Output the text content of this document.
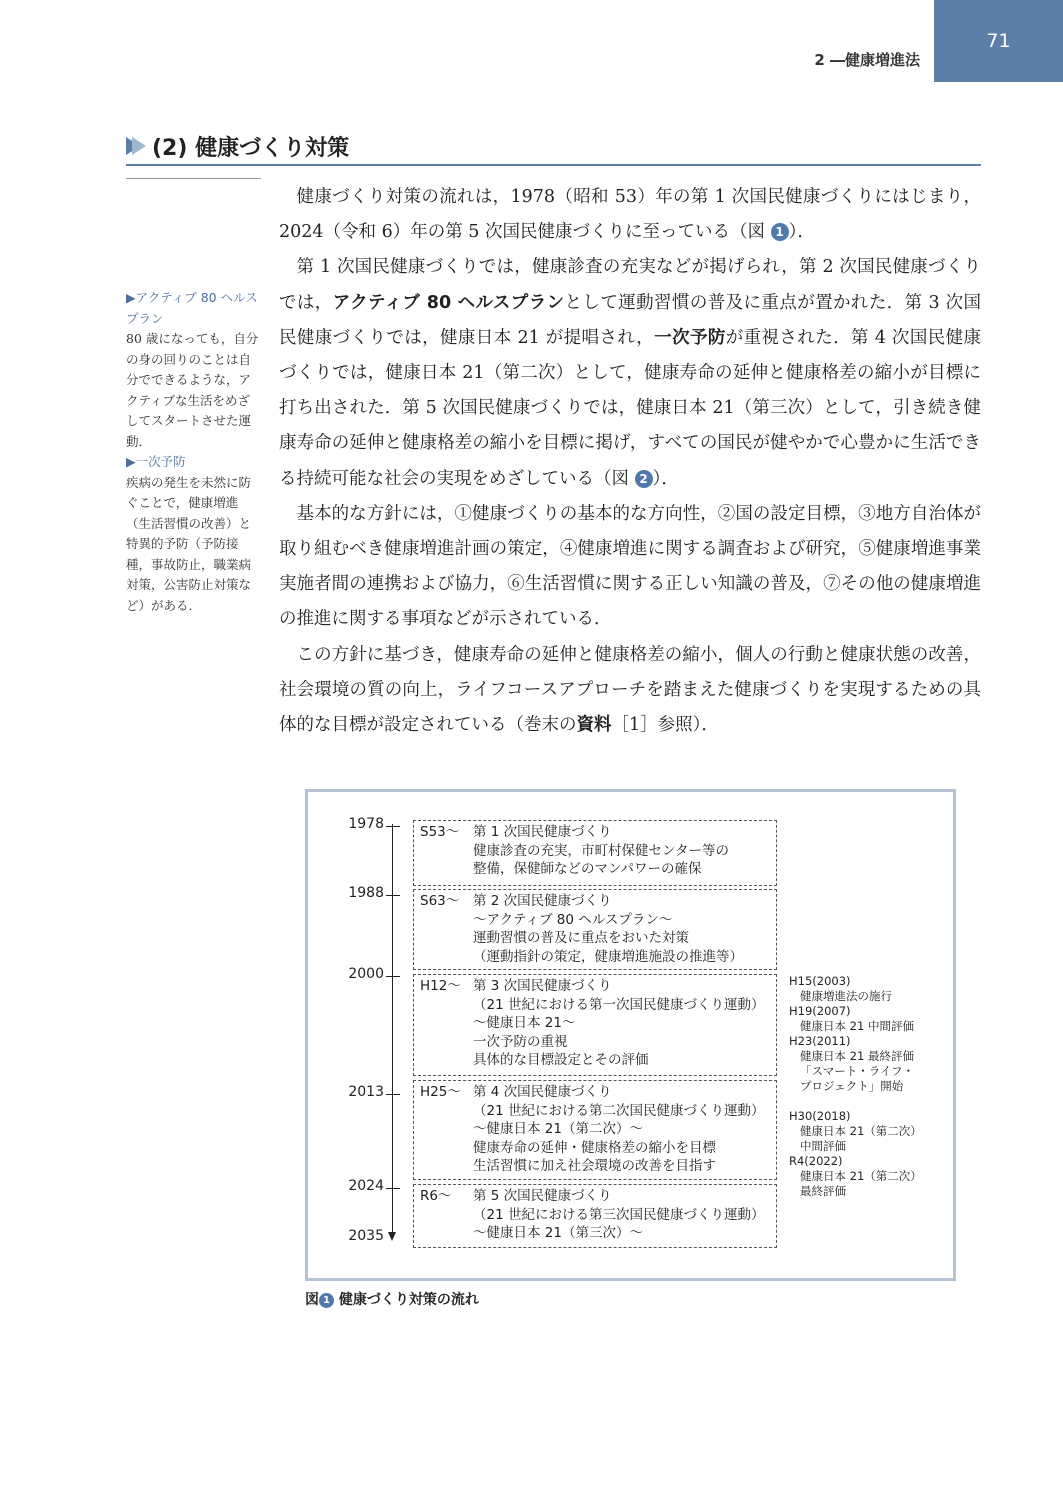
2 ―健康増進法
71
(2) 健康づくり対策
▶アクティブ 80 ヘルスプラン
80 歳になっても，自分の身の回りのことは自分でできるような，アクティブな生活をめざしてスタートさせた運動．
▶一次予防
疾病の発生を未然に防ぐことで，健康増進（生活習慣の改善）と特異的予防（予防接種，事故防止，職業病対策，公害防止対策など）がある．

健康づくり対策の流れは，1978（昭和 53）年の第 1 次国民健康づくりにはじまり，2024（令和 6）年の第 5 次国民健康づくりに至っている（図 1 ）．

第 1 次国民健康づくりでは，健康診査の充実などが掲げられ，第 2 次国民健康づくりでは，アクティブ 80 ヘルスプランとして運動習慣の普及に重点が置かれた．第 3 次国民健康づくりでは，健康日本 21 が提唱され，一次予防が重視された．第 4 次国民健康づくりでは，健康日本 21（第二次）として，健康寿命の延伸と健康格差の縮小が目標に打ち出された．第 5 次国民健康づくりでは，健康日本 21（第三次）として，引き続き健康寿命の延伸と健康格差の縮小を目標に掲げ，すべての国民が健やかで心豊かに生活できる持続可能な社会の実現をめざしている（図 2 ）．

基本的な方針には，①健康づくりの基本的な方向性，②国の設定目標，③地方自治体が取り組むべき健康増進計画の策定，④健康増進に関する調査および研究，⑤健康増進事業実施者間の連携および協力，⑥生活習慣に関する正しい知識の普及，⑦その他の健康増進の推進に関する事項などが示されている．

この方針に基づき，健康寿命の延伸と健康格差の縮小，個人の行動と健康状態の改善，社会環境の質の向上，ライフコースアプローチを踏まえた健康づくりを実現するための具体的な目標が設定されている（巻末の資料［1］参照）．

1978
1988
2000
2013
2024
2035
S53～ 第 1 次国民健康づくり
健康診査の充実，市町村保健センター等の
整備，保健師などのマンパワーの確保
S63～ 第 2 次国民健康づくり
～アクティブ 80 ヘルスプラン～
運動習慣の普及に重点をおいた対策
（運動指針の策定，健康増進施設の推進等）
H12～ 第 3 次国民健康づくり
（21 世紀における第一次国民健康づくり運動）
～健康日本 21～
一次予防の重視
具体的な目標設定とその評価
H25～ 第 4 次国民健康づくり
（21 世紀における第二次国民健康づくり運動）
～健康日本 21（第二次）～
健康寿命の延伸・健康格差の縮小を目標
生活習慣に加え社会環境の改善を目指す
R6～ 第 5 次国民健康づくり
（21 世紀における第三次国民健康づくり運動）
～健康日本 21（第三次）～
H15(2003)
健康増進法の施行
H19(2007)
健康日本 21 中間評価
H23(2011)
健康日本 21 最終評価
「スマート・ライフ・
プロジェクト」開始
H30(2018)
健康日本 21（第二次）
中間評価
R4(2022)
健康日本 21（第二次）
最終評価
図 1 健康づくり対策の流れ
